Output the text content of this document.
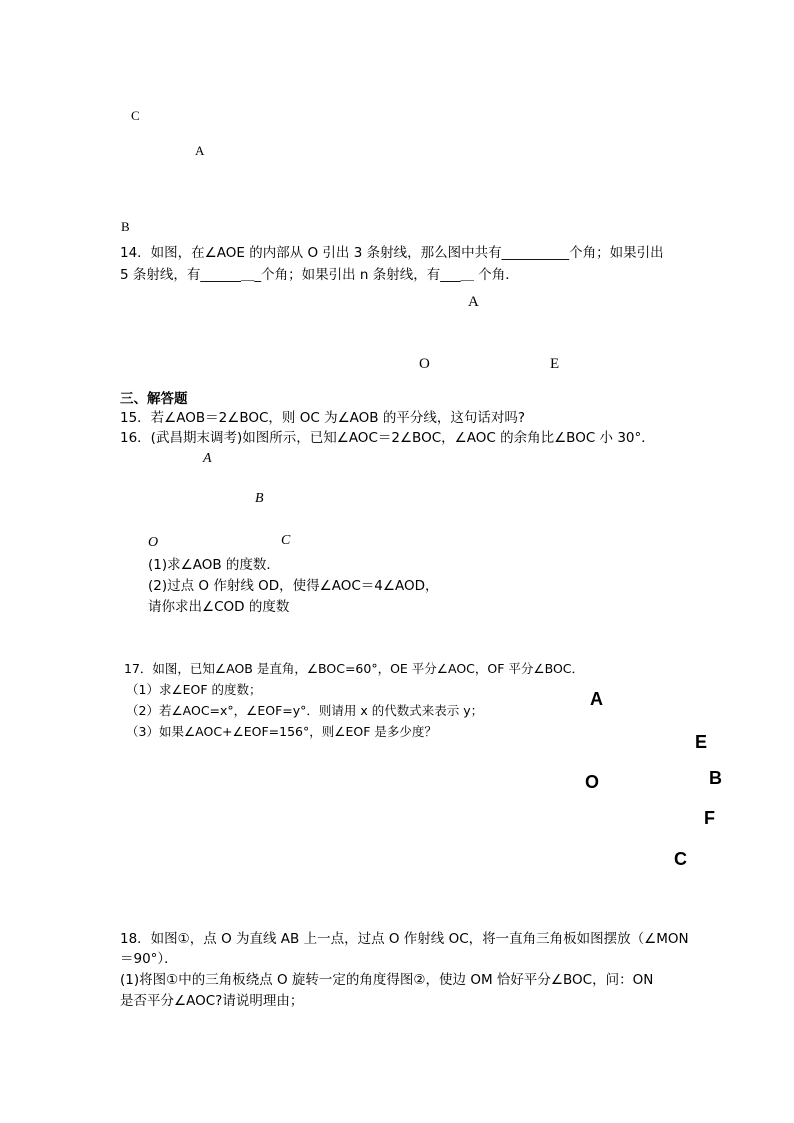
C
A
B
14．如图，在∠AOE 的内部从 O 引出 3 条射线，那么图中共有__________个角；如果引出
5 条射线，有______＿_个角；如果引出 n 条射线，有___＿ 个角．
A
O	E
三、解答题
15．若∠AOB＝2∠BOC，则 OC 为∠AOB 的平分线，这句话对吗?
16．(武昌期末调考)如图所示，已知∠AOC＝2∠BOC，∠AOC 的余角比∠BOC 小 30°．
A
B
O	C
(1)求∠AOB 的度数．
(2)过点 O 作射线 OD，使得∠AOC＝4∠AOD，
请你求出∠COD 的度数
17．如图，已知∠AOB 是直角，∠BOC=60°，OE 平分∠AOC，OF 平分∠BOC．
（1）求∠EOF 的度数；
（2）若∠AOC=x°，∠EOF=y°．则请用 x 的代数式来表示 y；
（3）如果∠AOC+∠EOF=156°，则∠EOF 是多少度？
A
E
O	B
F
C
18．如图①，点 O 为直线 AB 上一点，过点 O 作射线 OC，将一直角三角板如图摆放（∠MON
＝90°）．
(1)将图①中的三角板绕点 O 旋转一定的角度得图②，使边 OM 恰好平分∠BOC，问：ON
是否平分∠AOC?请说明理由；
